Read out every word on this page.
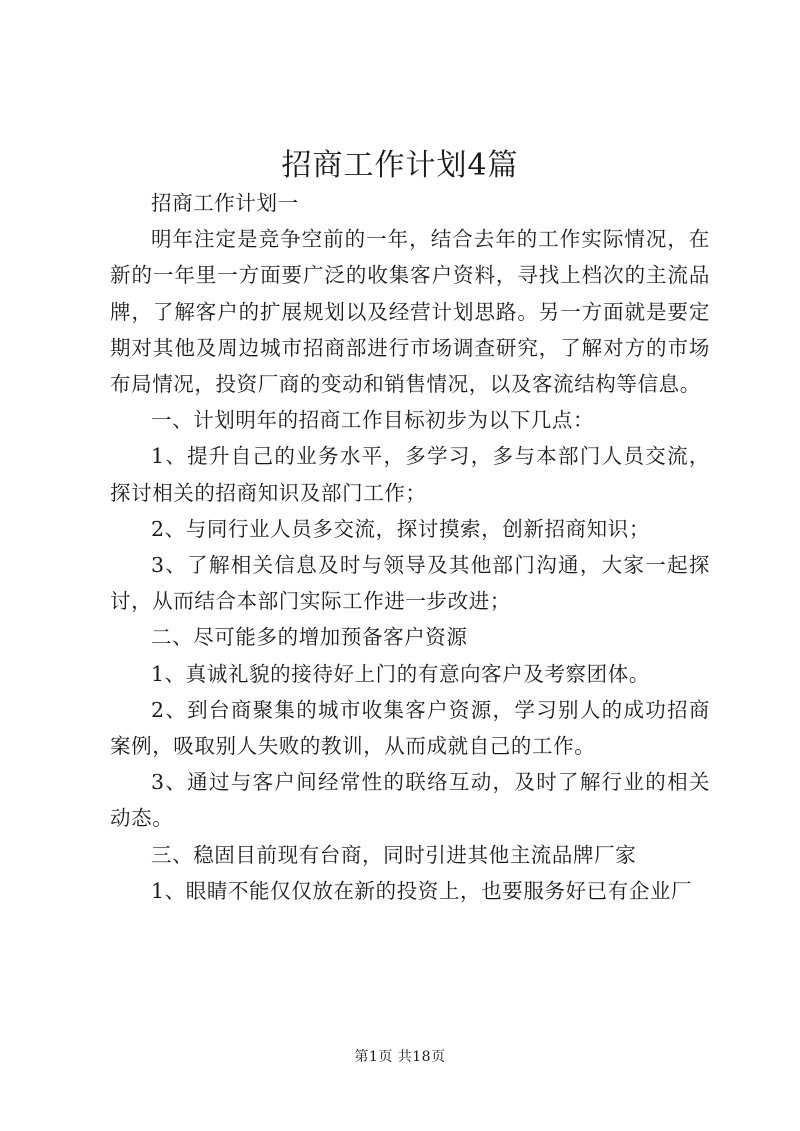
招商工作计划4篇

招商工作计划一

明年注定是竞争空前的一年，结合去年的工作实际情况，在新的一年里一方面要广泛的收集客户资料，寻找上档次的主流品牌，了解客户的扩展规划以及经营计划思路。另一方面就是要定期对其他及周边城市招商部进行市场调查研究，了解对方的市场布局情况，投资厂商的变动和销售情况，以及客流结构等信息。

一、计划明年的招商工作目标初步为以下几点：

1、提升自己的业务水平，多学习，多与本部门人员交流，探讨相关的招商知识及部门工作；

2、与同行业人员多交流，探讨摸索，创新招商知识；

3、了解相关信息及时与领导及其他部门沟通，大家一起探讨，从而结合本部门实际工作进一步改进；

二、尽可能多的增加预备客户资源

1、真诚礼貌的接待好上门的有意向客户及考察团体。

2、到台商聚集的城市收集客户资源，学习别人的成功招商案例，吸取别人失败的教训，从而成就自己的工作。

3、通过与客户间经常性的联络互动，及时了解行业的相关动态。

三、稳固目前现有台商，同时引进其他主流品牌厂家

1、眼睛不能仅仅放在新的投资上，也要服务好已有企业厂

第1页 共18页
